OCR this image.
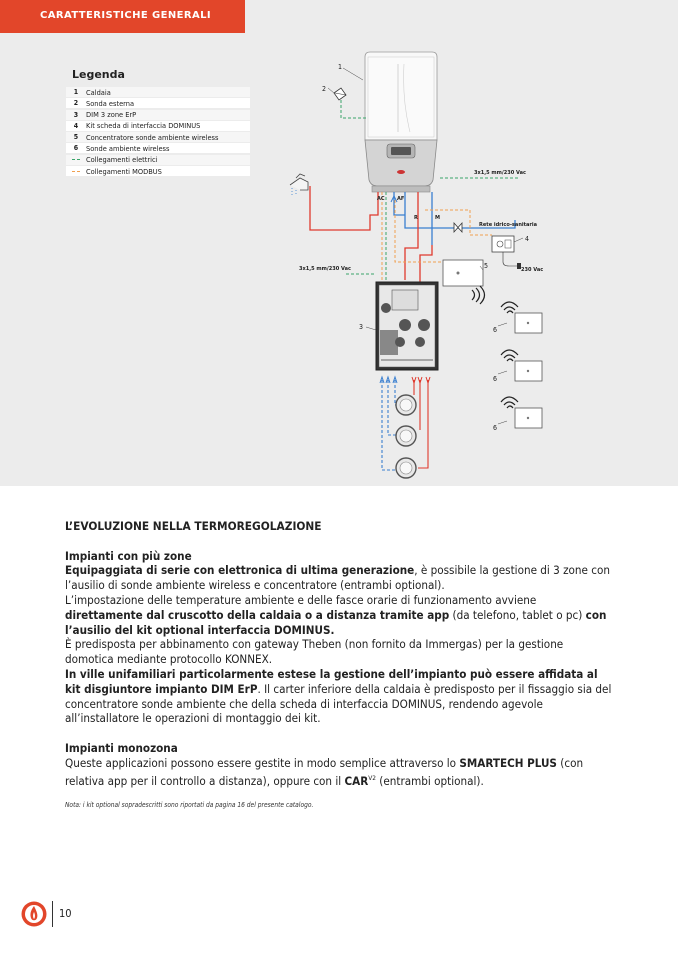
CARATTERISTICHE GENERALI
Legenda
1	Caldaia
2	Sonda esterna
3	DIM 3 zone ErP
4	Kit scheda di interfaccia DOMINUS
5	Concentratore sonde ambiente wireless
6	Sonde ambiente wireless
Collegamenti elettrici
Collegamenti MODBUS
1
2
3
4
5
6
6
6
3x1,5 mm/230 Vac
3x1,5 mm/230 Vac	230 Vac
Rete idrico-sanitaria
AC AF
R	M

L’EVOLUZIONE NELLA TERMOREGOLAZIONE

Impianti con più zone

Equipaggiata di serie con elettronica di ultima generazione, è possibile la gestione di 3 zone con l’ausilio di sonde ambiente wireless e concentratore (entrambi optional).

L’impostazione delle temperature ambiente e delle fasce orarie di funzionamento avviene direttamente dal cruscotto della caldaia o a distanza tramite app (da telefono, tablet o pc) con l’ausilio del kit optional interfaccia DOMINUS.

È predisposta per abbinamento con gateway Theben (non fornito da Immergas) per la gestione domotica mediante protocollo KONNEX.

In ville unifamiliari particolarmente estese la gestione dell’impianto può essere affidata al kit disgiuntore impianto DIM ErP. Il carter inferiore della caldaia è predisposto per il fissaggio sia del concentratore sonde ambiente che della scheda di interfaccia DOMINUS, rendendo agevole all’installatore le operazioni di montaggio dei kit.

Impianti monozona

Queste applicazioni possono essere gestite in modo semplice attraverso lo SMARTECH PLUS (con relativa app per il controllo a distanza), oppure con il $CAR^{V2}$ (entrambi optional).

Nota: i kit optional sopradescritti sono riportati da pagina 16 del presente catalogo.
10
